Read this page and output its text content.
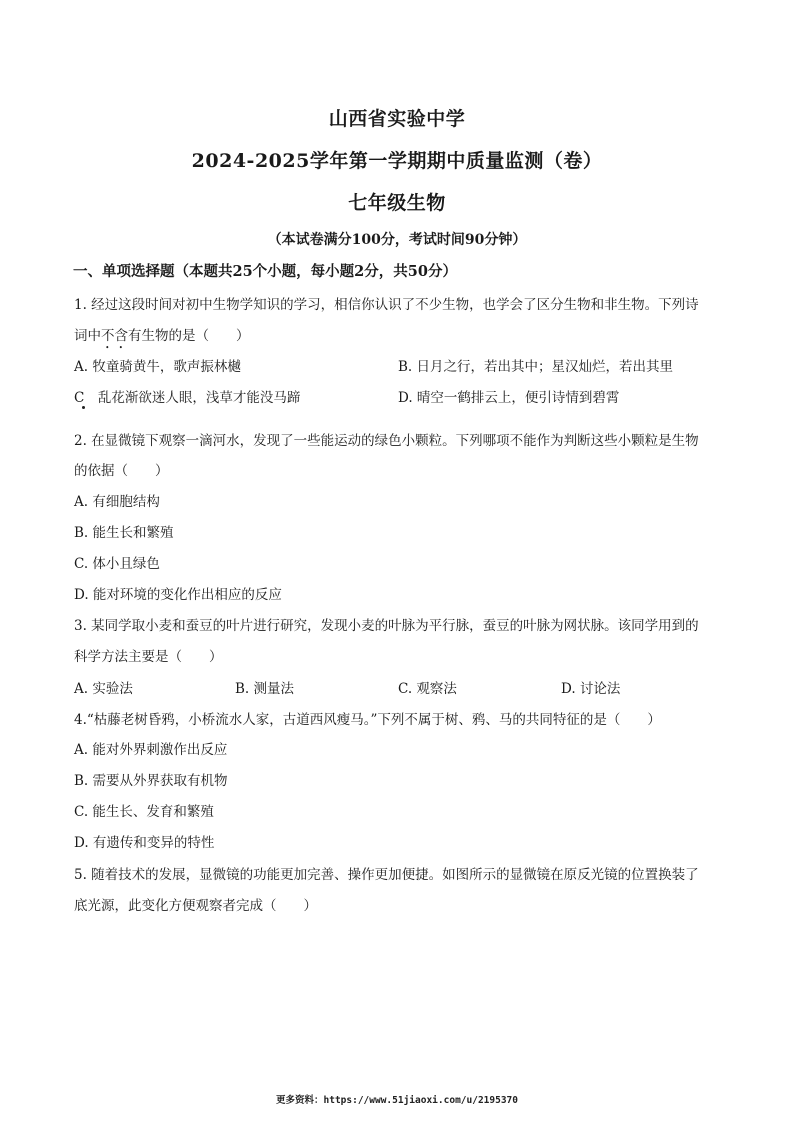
山西省实验中学
2024-2025学年第一学期期中质量监测（卷）
七年级生物
（本试卷满分100分，考试时间90分钟）
一、单项选择题（本题共25个小题，每小题2分，共50分）
1. 经过这段时间对初中生物学知识的学习，相信你认识了不少生物，也学会了区分生物和非生物。下列诗
词中不含有生物的是（　　）
A. 牧童骑黄牛，歌声振林樾	B. 日月之行，若出其中；星汉灿烂，若出其里
C　乱花渐欲迷人眼，浅草才能没马蹄	D. 晴空一鹤排云上，便引诗情到碧霄
2. 在显微镜下观察一滴河水，发现了一些能运动的绿色小颗粒。下列哪项不能作为判断这些小颗粒是生物
的依据（　　）
A. 有细胞结构
B. 能生长和繁殖
C. 体小且绿色
D. 能对环境的变化作出相应的反应
3. 某同学取小麦和蚕豆的叶片进行研究，发现小麦的叶脉为平行脉，蚕豆的叶脉为网状脉。该同学用到的
科学方法主要是（　　）
A. 实验法	B. 测量法	C. 观察法	D. 讨论法
4.“枯藤老树昏鸦，小桥流水人家，古道西风瘦马。”下列不属于树、鸦、马的共同特征的是（　　）
A. 能对外界刺激作出反应
B. 需要从外界获取有机物
C. 能生长、发育和繁殖
D. 有遗传和变异的特性
5. 随着技术的发展，显微镜的功能更加完善、操作更加便捷。如图所示的显微镜在原反光镜的位置换装了
底光源，此变化方便观察者完成（　　）
更多资料：https://www.51jiaoxi.com/u/2195370
